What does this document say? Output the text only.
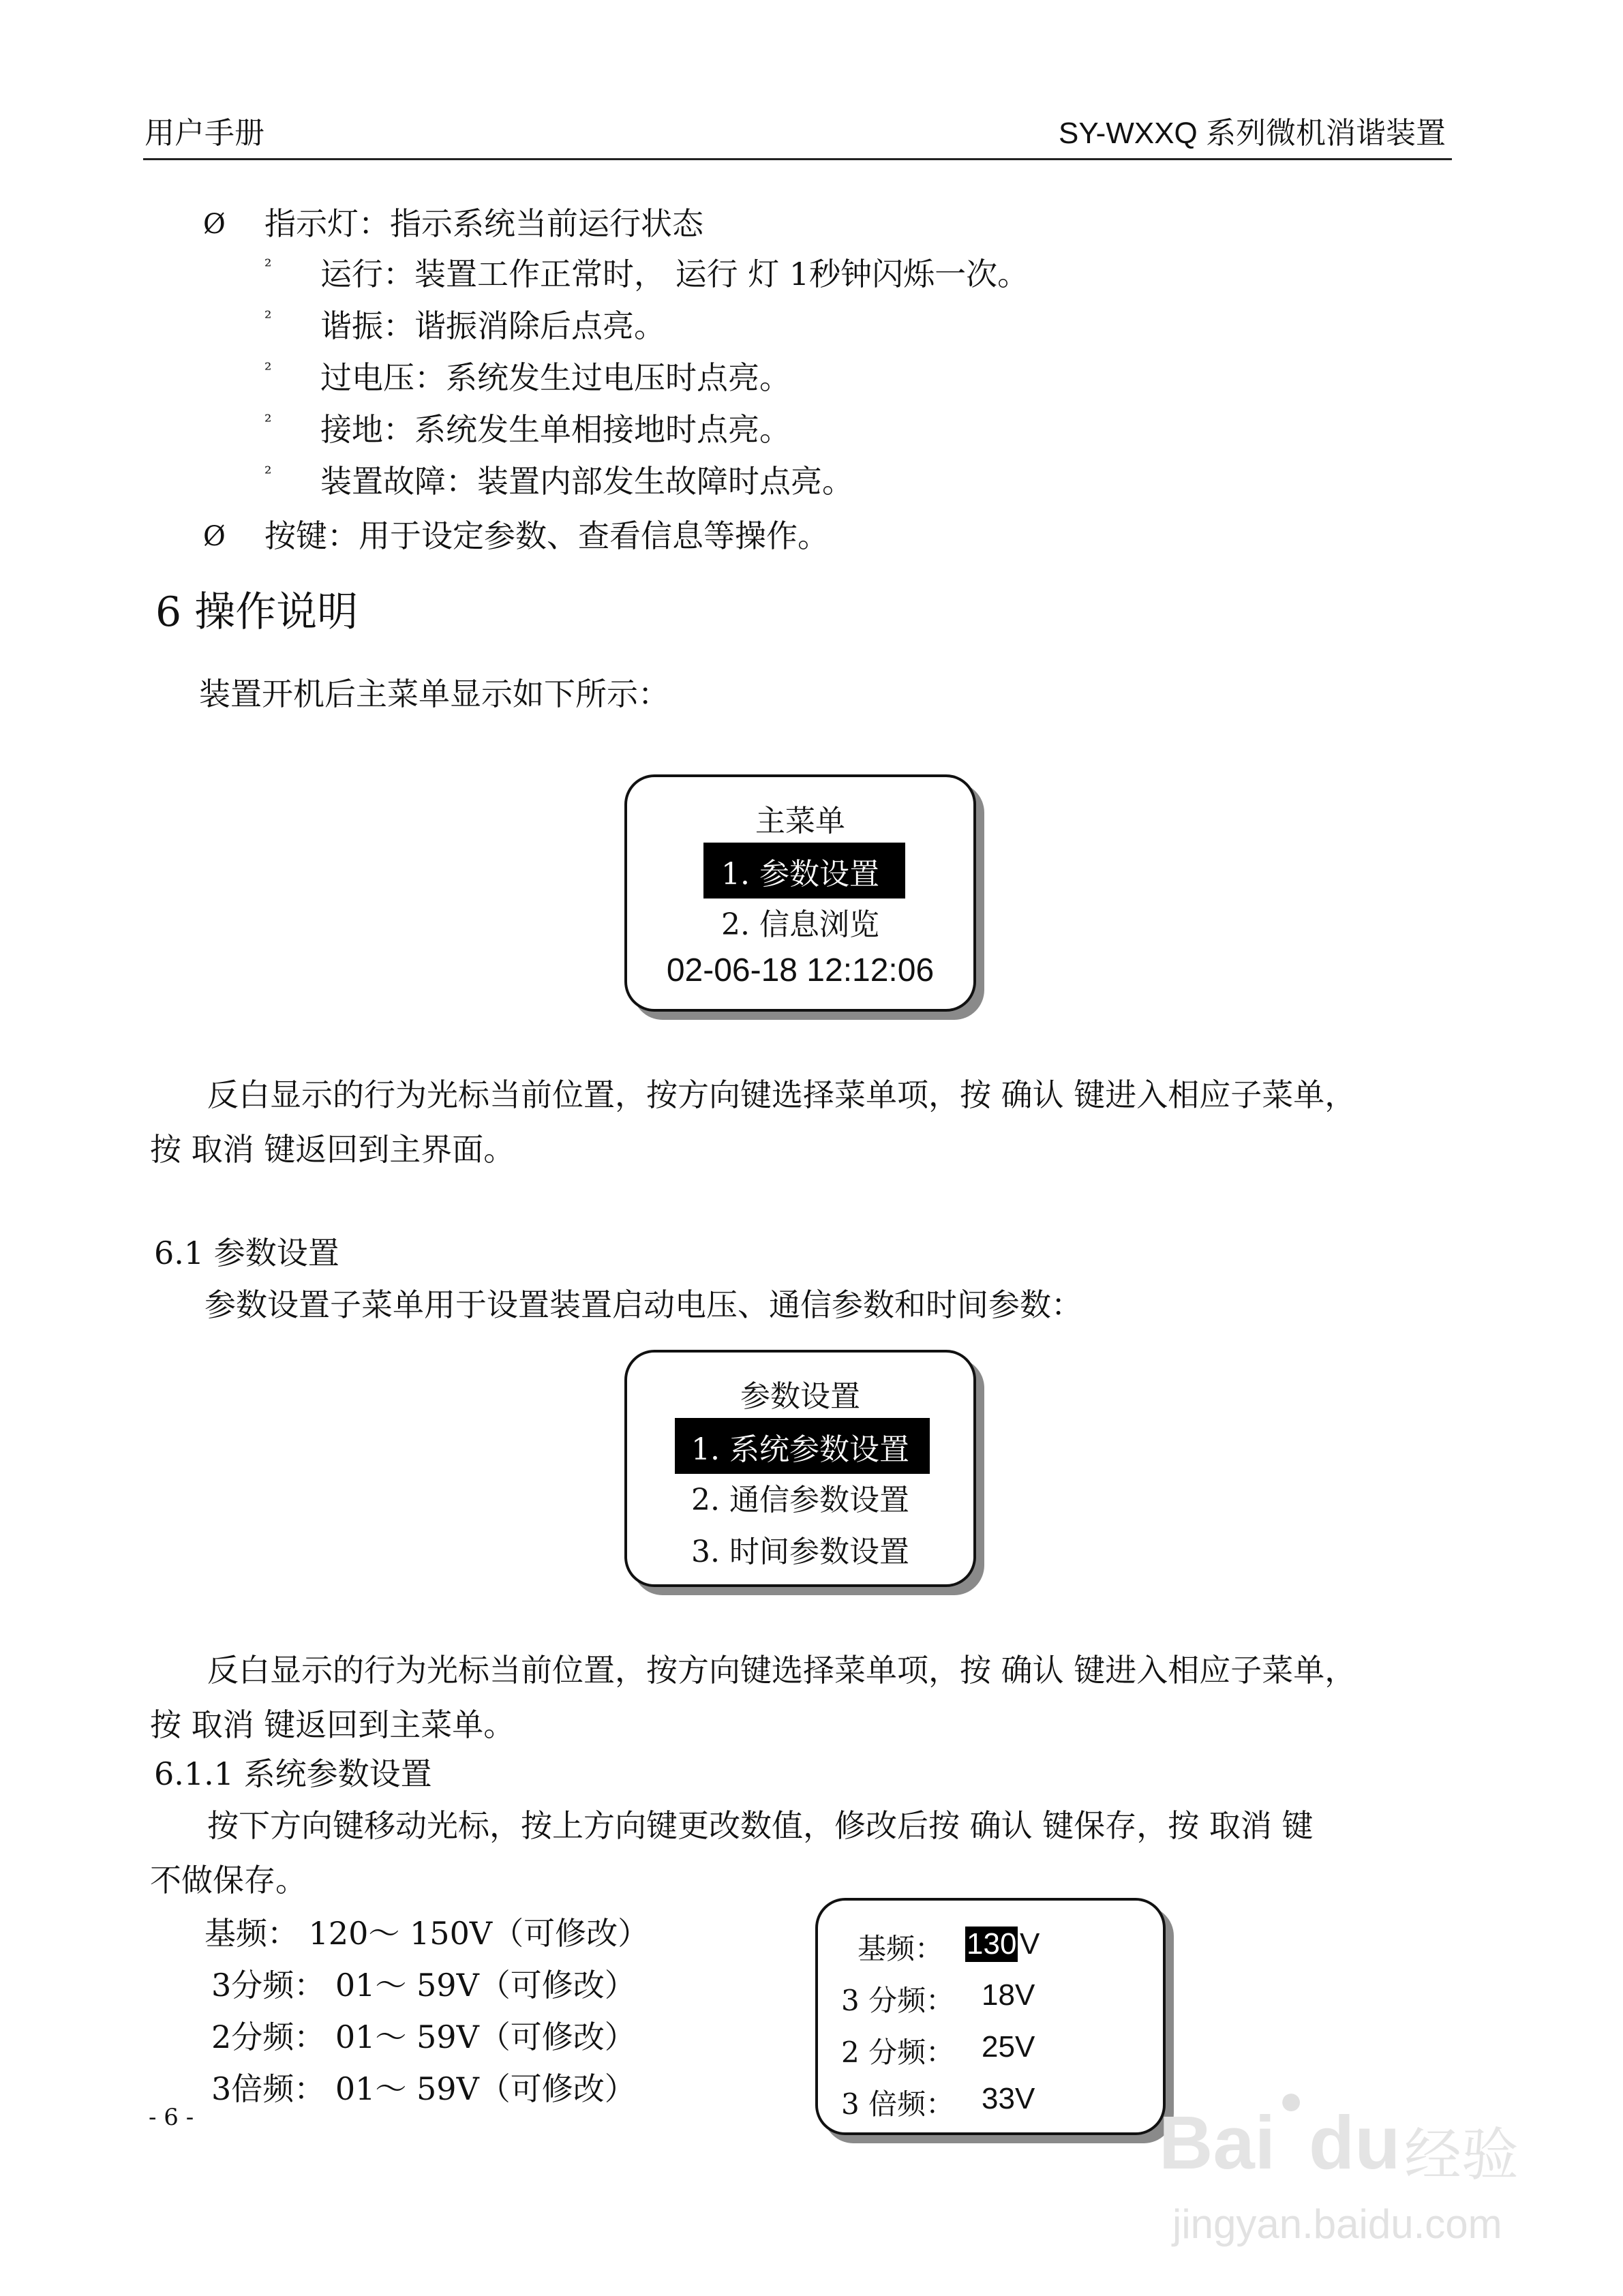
用户手册	SY-WXXQ 系列微机消谐装置
Ø 指示灯：指示系统当前运行状态
² 运行：装置工作正常时， 运行 灯 1秒钟闪烁一次。
² 谐振：谐振消除后点亮。
² 过电压：系统发生过电压时点亮。
² 接地：系统发生单相接地时点亮。
² 装置故障：装置内部发生故障时点亮。
Ø 按键：用于设定参数、查看信息等操作。
6 操作说明
装置开机后主菜单显示如下所示：
主菜单
1. 参数设置
2. 信息浏览
02-06-18 12:12:06
反白显示的行为光标当前位置，按方向键选择菜单项，按 确认 键进入相应子菜单，
按 取消 键返回到主界面。
6.1 参数设置
参数设置子菜单用于设置装置启动电压、通信参数和时间参数：
参数设置
1. 系统参数设置
2. 通信参数设置
3. 时间参数设置
反白显示的行为光标当前位置，按方向键选择菜单项，按 确认 键进入相应子菜单，
按 取消 键返回到主菜单。
6.1.1 系统参数设置
按下方向键移动光标，按上方向键更改数值，修改后按 确认 键保存，按 取消 键
不做保存。
基频： 120～ 150V（可修改）
3分频： 01～ 59V（可修改）
2分频： 01～ 59V（可修改）
3倍频： 01～ 59V（可修改）
基频： 130 V
3 分频： 18V
2 分频： 25V
3 倍频： 33V
- 6 -	Bai
●
du 经验
jingyan.baidu.com
